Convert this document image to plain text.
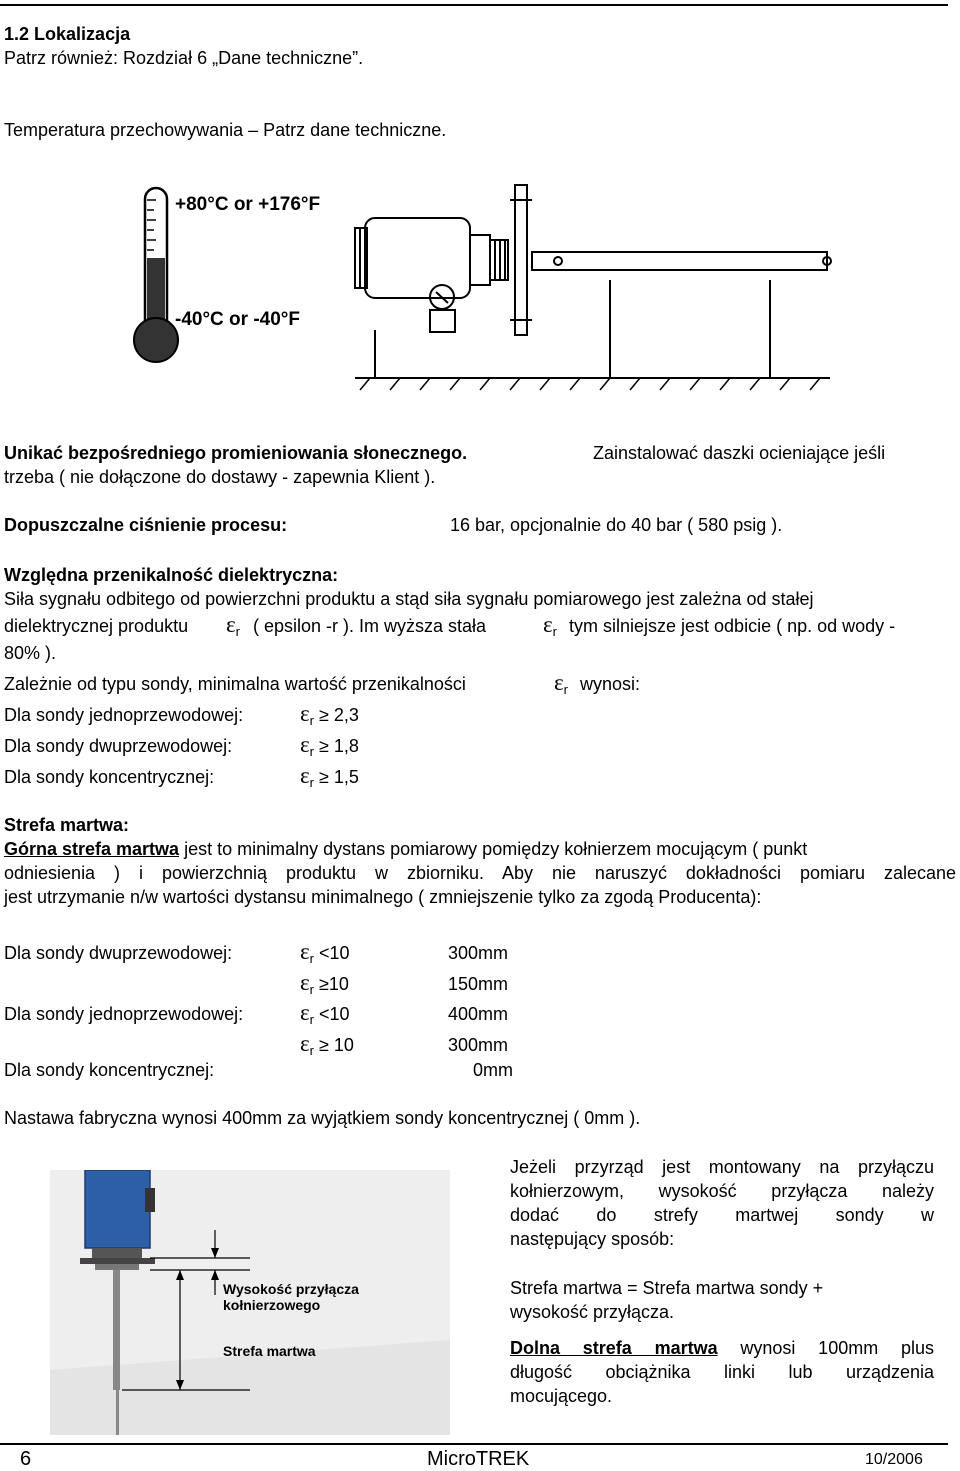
1.2 Lokalizacja
Patrz również: Rozdział 6 „Dane techniczne”.
Temperatura przechowywania – Patrz dane techniczne.
+80°C or +176°F
-40°C or -40°F
Unikać bezpośredniego promieniowania słonecznego.	Zainstalować daszki ocieniające jeśli
trzeba ( nie dołączone do dostawy - zapewnia Klient ).
Dopuszczalne ciśnienie procesu:	16 bar, opcjonalnie do 40 bar ( 580 psig ).
Względna przenikalność dielektryczna:
Siła sygnału odbitego od powierzchni produktu a stąd siła sygnału pomiarowego jest zależna od stałej
dielektrycznej produktu $\varepsilon_r$ ( epsilon -r ). Im wyższa stała $\varepsilon_r$ tym silniejsze jest odbicie ( np. od wody -
80% ).
Zależnie od typu sondy, minimalna wartość przenikalności	$\varepsilon_r$ wynosi:
Dla sondy jednoprzewodowej: $\varepsilon_r \ge 2,3$
Dla sondy dwuprzewodowej:	$\varepsilon_r \ge 1,8$
Dla sondy koncentrycznej:	$\varepsilon_r \ge 1,5$
Strefa martwa:
Górna strefa martwa jest to minimalny dystans pomiarowy pomiędzy kołnierzem mocującym ( punkt
odniesienia ) i powierzchnią produktu w zbiorniku. Aby nie naruszyć dokładności pomiaru zalecane
jest utrzymanie n/w wartości dystansu minimalnego ( zmniejszenie tylko za zgodą Producenta):
Dla sondy dwuprzewodowej:	$\varepsilon_r <10$	300mm
$\varepsilon_r \ge 10$	150mm
Dla sondy jednoprzewodowej: $\varepsilon_r <10$	400mm
$\varepsilon_r \ge 10$	300mm
Dla sondy koncentrycznej:	0mm
Nastawa fabryczna wynosi 400mm za wyjątkiem sondy koncentrycznej ( 0mm ).
Wysokość przyłącza
kołnierzowego
Strefa martwa
Jeżeli przyrząd jest montowany na przyłączu
kołnierzowym, wysokość przyłącza należy
dodać do strefy martwej sondy w
następujący sposób:
Strefa martwa = Strefa martwa sondy +
wysokość przyłącza.
Dolna strefa martwa wynosi 100mm plus
długość obciążnika linki lub urządzenia
mocującego.
6	MicroTREK	10/2006
